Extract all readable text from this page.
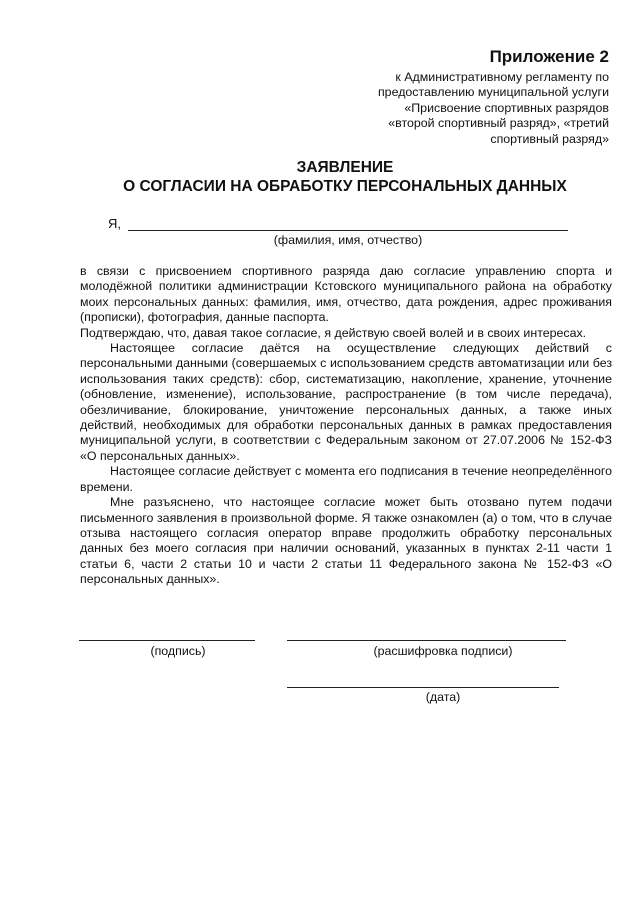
Приложение 2
к Административному регламенту по
предоставлению муниципальной услуги
«Присвоение спортивных разрядов
«второй спортивный разряд», «третий
спортивный разряд»
ЗАЯВЛЕНИЕ
О СОГЛАСИИ НА ОБРАБОТКУ ПЕРСОНАЛЬНЫХ ДАННЫХ
Я,
(фамилия, имя, отчество)

в связи с присвоением спортивного разряда даю согласие управлению спорта и молодёжной политики администрации Кстовского муниципального района на обработку моих персональных данных: фамилия, имя, отчество, дата рождения, адрес проживания (прописки), фотография, данные паспорта.

Подтверждаю, что, давая такое согласие, я действую своей волей и в своих интересах.

Настоящее согласие даётся на осуществление следующих действий с персональными данными (совершаемых с использованием средств автоматизации или без использования таких средств): сбор, систематизацию, накопление, хранение, уточнение (обновление, изменение), использование, распространение (в том числе передача), обезличивание, блокирование, уничтожение персональных данных, а также иных действий, необходимых для обработки персональных данных в рамках предоставления муниципальной услуги, в соответствии с Федеральным законом от 27.07.2006 № 152-ФЗ «О персональных данных».

Настоящее согласие действует с момента его подписания в течение неопределённого времени.

Мне разъяснено, что настоящее согласие может быть отозвано путем подачи письменного заявления в произвольной форме. Я также ознакомлен (а) о том, что в случае отзыва настоящего согласия оператор вправе продолжить обработку персональных данных без моего согласия при наличии оснований, указанных в пунктах 2-11 части 1 статьи 6, части 2 статьи 10 и части 2 статьи 11 Федерального закона № 152-ФЗ «О персональных данных».

(подпись)	(расшифровка подписи)
(дата)
